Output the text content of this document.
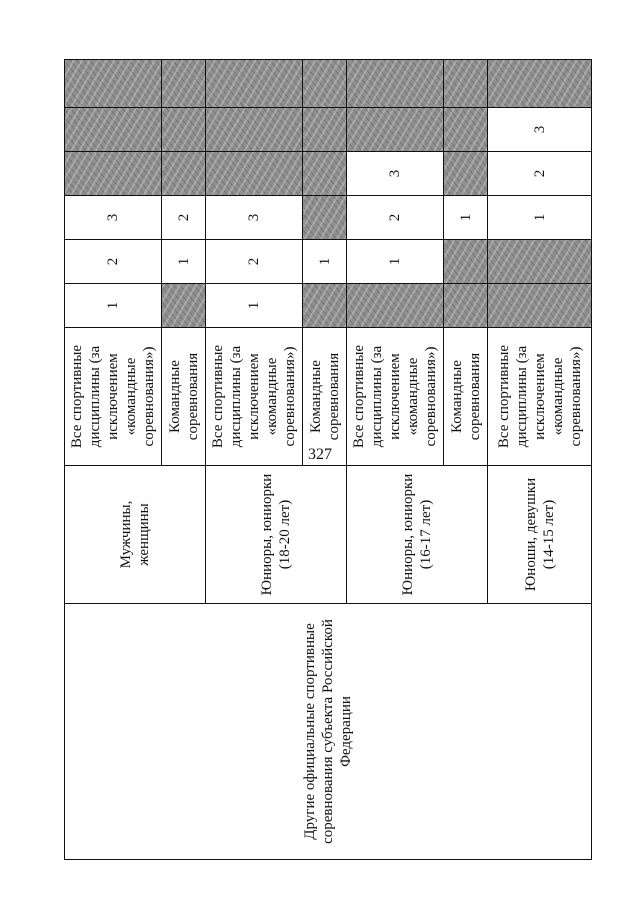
327
Другие официальные спортивные соревнования субъекта Российской Федерации	Мужчины, женщины	Все спортивные дисциплины (за исключением «командные соревнования»)	1	2	3			
		Командные соревнования		1	2			
	Юниоры, юниорки (18-20 лет)	Все спортивные дисциплины (за исключением «командные соревнования»)	1	2	3			
		Командные соревнования		1				
	Юниоры, юниорки (16-17 лет)	Все спортивные дисциплины (за исключением «командные соревнования»)		1	2	3		
		Командные соревнования			1			
	Юноши, девушки (14-15 лет)	Все спортивные дисциплины (за исключением «командные соревнования»)			1	2	3	
